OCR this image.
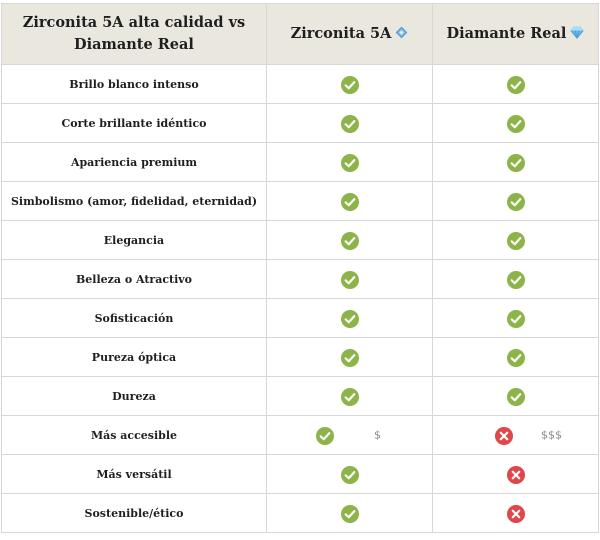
Zirconita 5A alta calidad vs Diamante Real	Zirconita 5A	Diamante Real
Brillo blanco intenso		
Corte brillante idéntico		
Apariencia premium		
Simbolismo (amor, fidelidad, eternidad)		
Elegancia		
Belleza o Atractivo		
Sofisticación		
Pureza óptica		
Dureza		
Más accesible	$	$$$

Más versátil		
Sostenible/ético		
